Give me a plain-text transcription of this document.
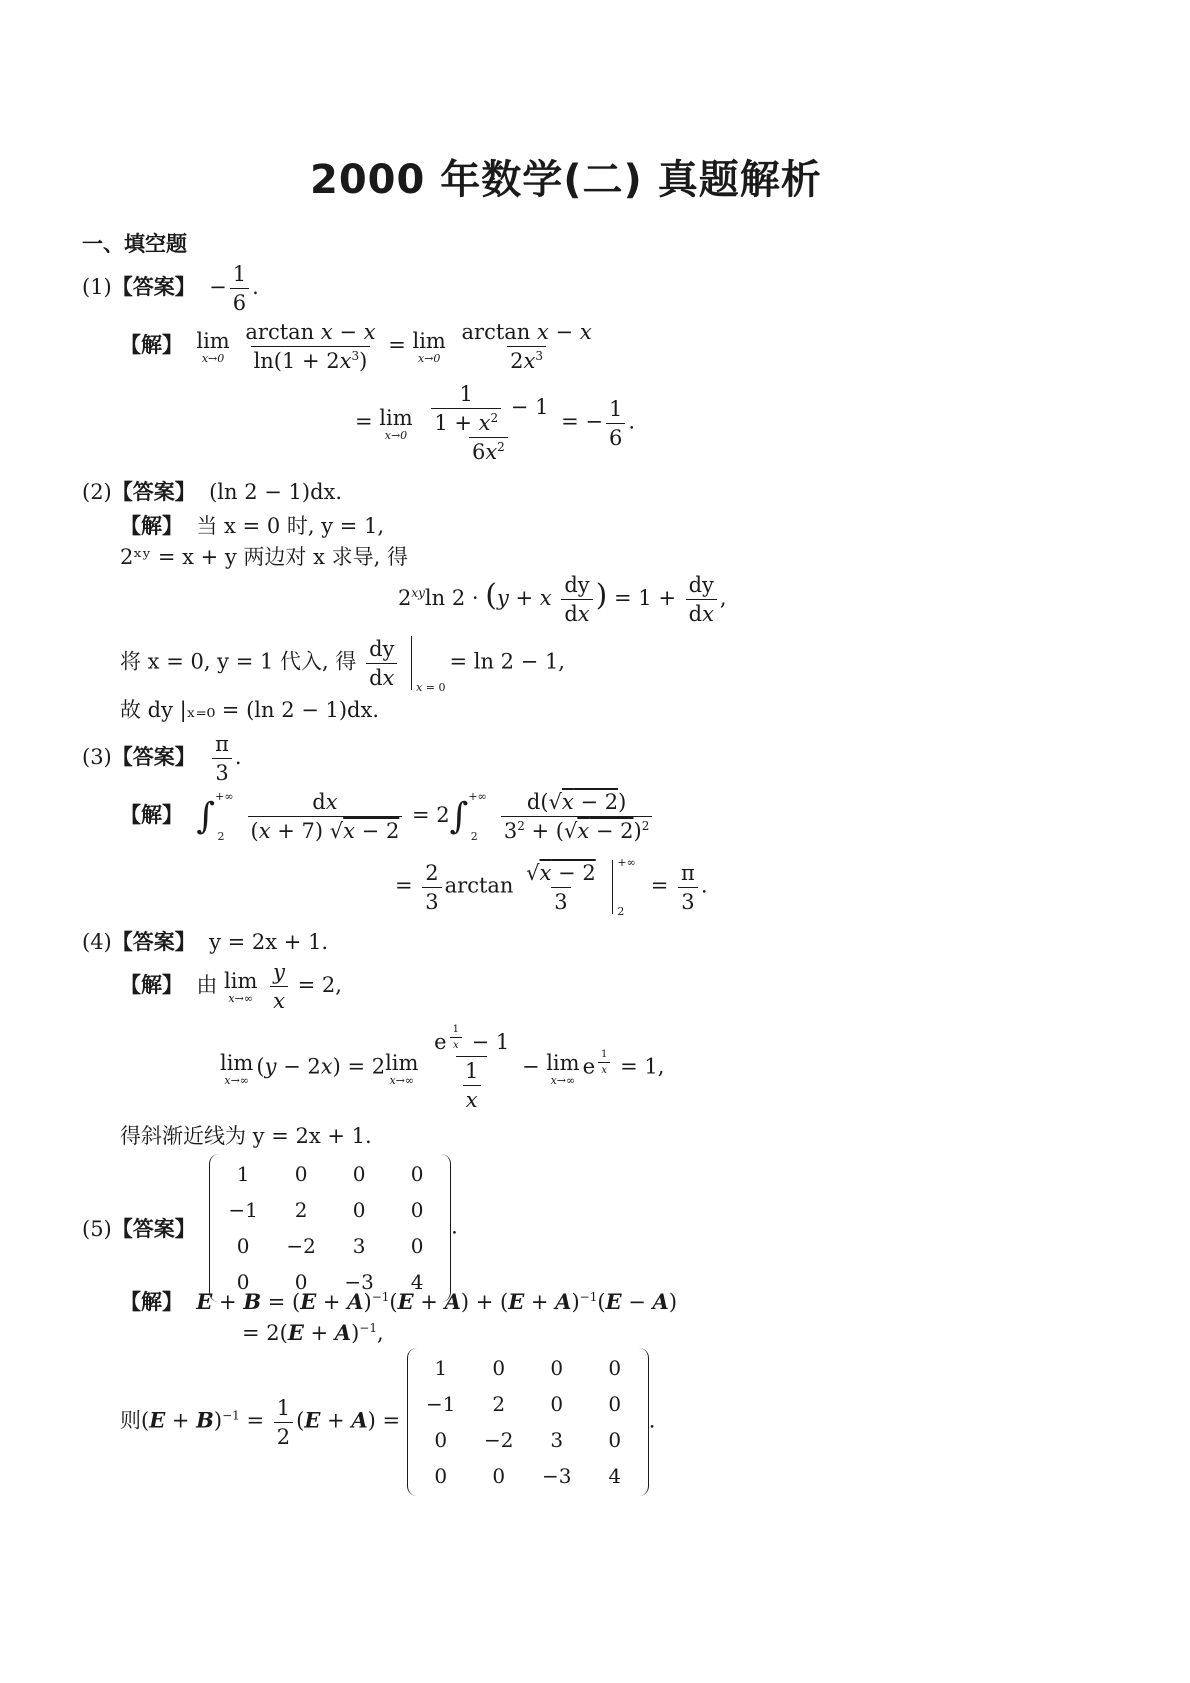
2000 年数学(二) 真题解析
一、填空题
(1)【答案】  − $\frac{1}{6}$ .
【解】 lim
x→0
$\frac{\text{arctan x − x}}{\ln(1 + 2x^3)} = \lim$
x→0
$\frac{\text{arctan x − x}}{2x^3}$
= lim
x→0
$\frac{\frac{1}{1 + x^2} - 1}{6x^2}$ = − $\frac{1}{6}$ .
(2)【答案】 (ln 2 − 1)dx.
【解】 当 x = 0 时, y = 1,
2ˣʸ = x + y 两边对 x 求导, 得
$2^{xy}\ln$ 2 · (y + x $\frac{dy}{dx}$ ) = $1 + \frac{dy}{dx}$ ,
将 x = 0, y = 1 代入, 得 $\frac{dy}{dx}$
x = 0
= ln 2 − 1,
故 dy |ₓ₌₀ = (ln 2 − 1)dx.
(3)【答案】 $\frac{\pi}{3}$ .
【解】 $\int^{+\infty}2 \frac{dx}{(x + 7) √x - 2} = 2\int^{+\infty}2 \frac{d(√x - 2)}{3^2 + (√x - 2)^2}$
= $\frac{2}{3}$ $\arctan \frac{√x - 2}{3}$
+∞
2
= $\frac{\pi}{3}$ .
(4)【答案】 y = 2x + 1.
【解】 由 lim
x→∞
$\frac{y}{x} = 2$,
lim
x→∞
(y − 2x) = 2 lim
x→∞
e $^{\frac{1}{x}}$ − 1
$\frac{1}{x} - \lim$
x→∞
e $^{\frac{1}{x}}$ = 1,
得斜渐近线为 y = 2x + 1.
(5)【答案】
1	0	0	0
−1	2	0	0
0	−2	3	0
0	0	−3	4
.
【解】 $E + B = (E + A)^{-1}(E + A) + (E + A)^{-1}(E - A)$
= $2(E + A)^{-1}$,
则$(E + B)^{-1} = \frac{1}{2} (E + A)$ =
1	0	0	0
−1	2	0	0
0	−2	3	0
0	0	−3	4
.
